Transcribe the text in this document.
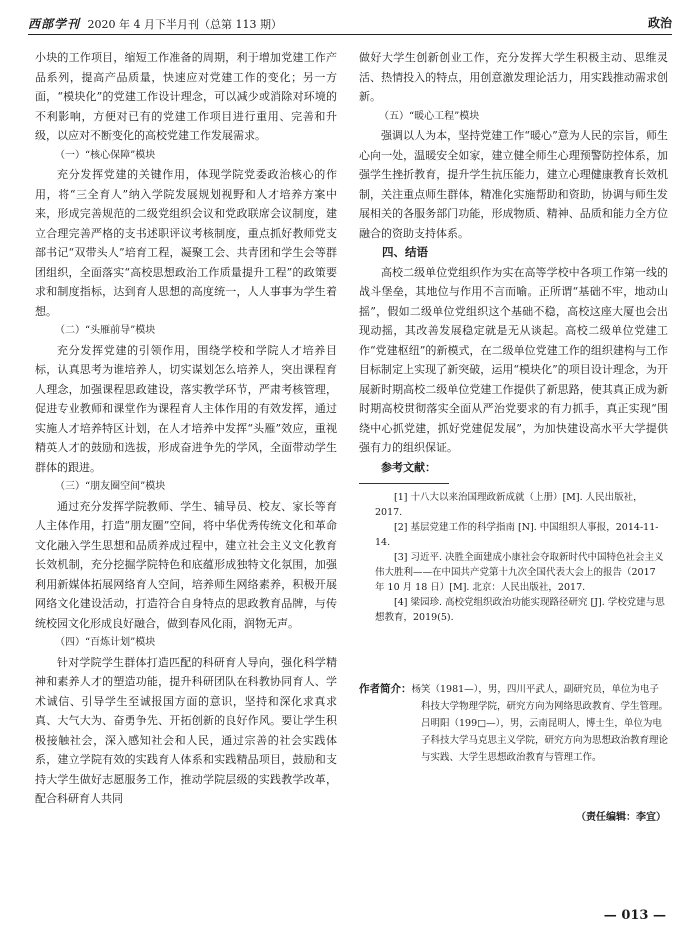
西部学刊 2020 年 4 月下半月刊（总第 113 期）	政治

小块的工作项目，缩短工作准备的周期，利于增加党建工作产品系列，提高产品质量，快速应对党建工作的变化；另一方面，“模块化”的党建工作设计理念，可以减少或消除对环境的不利影响，方便对已有的党建工作项目进行重用、完善和升级，以应对不断变化的高校党建工作发展需求。

（一）“核心保障”模块

充分发挥党建的关键作用，体现学院党委政治核心的作用，将“三全育人”纳入学院发展规划视野和人才培养方案中来，形成完善规范的二级党组织会议和党政联席会议制度，建立合理完善严格的支书述职评议考核制度，重点抓好教师党支部书记“双带头人”培育工程，凝聚工会、共青团和学生会等群团组织，全面落实“高校思想政治工作质量提升工程”的政策要求和制度指标，达到育人思想的高度统一，人人事事为学生着想。

（二）“头雁前导”模块

充分发挥党建的引领作用，围绕学校和学院人才培养目标，认真思考为谁培养人，切实谋划怎么培养人，突出课程育人理念，加强课程思政建设，落实教学环节，严肃考核管理，促进专业教师和课堂作为课程育人主体作用的有效发挥，通过实施人才培养特区计划，在人才培养中发挥“头雁”效应，重视精英人才的鼓励和选拔，形成奋进争先的学风，全面带动学生群体的跟进。

（三）“朋友圈空间”模块

通过充分发挥学院教师、学生、辅导员、校友、家长等育人主体作用，打造“朋友圈”空间，将中华优秀传统文化和革命文化融入学生思想和品质养成过程中，建立社会主义文化教育长效机制，充分挖掘学院特色和底蕴形成独特文化氛围，加强利用新媒体拓展网络育人空间，培养师生网络素养，积极开展网络文化建设活动，打造符合自身特点的思政教育品牌，与传统校园文化形成良好融合，做到春风化雨，润物无声。

（四）“百炼计划”模块

针对学院学生群体打造匹配的科研育人导向，强化科学精神和素养人才的塑造功能，提升科研团队在科教协同育人、学术诚信、引导学生至诚报国方面的意识，坚持和深化求真求真、大气大为、奋勇争先、开拓创新的良好作风。要让学生积极接触社会，深入感知社会和人民，通过宗善的社会实践体系，建立学院有效的实践育人体系和实践精品项目，鼓励和支持大学生做好志愿服务工作，推动学院层级的实践教学改革，配合科研育人共同

做好大学生创新创业工作，充分发挥大学生积极主动、思维灵活、热情投入的特点，用创意激发理论活力，用实践推动需求创新。

（五）“暖心工程”模块

强调以人为本，坚持党建工作“暖心”意为人民的宗旨，师生心向一处，温暖安全如家，建立健全师生心理预警防控体系，加强学生挫折教育，提升学生抗压能力，建立心理健康教育长效机制，关注重点师生群体，精准化实施帮助和资助，协调与师生发展相关的各服务部门功能，形成物质、精神、品质和能力全方位融合的资助支持体系。

四、结语

高校二级单位党组织作为实在高等学校中各项工作第一线的战斗堡垒，其地位与作用不言而喻。正所谓“基础不牢，地动山摇”，假如二级单位党组织这个基础不稳，高校这座大厦也会出现动摇，其改善发展稳定就是无从谈起。高校二级单位党建工作“党建枢纽”的新模式，在二级单位党建工作的组织建构与工作目标制定上实现了新突破，运用“模块化”的项目设计理念，为开展新时期高校二级单位党建工作提供了新思路，使其真正成为新时期高校贯彻落实全面从严治党要求的有力抓手，真正实现“围绕中心抓党建，抓好党建促发展”，为加快建设高水平大学提供强有力的组织保证。

参考文献：

[1] 十八大以来治国理政新成就（上册）[M]. 人民出版社，2017.

[2] 基层党建工作的科学指南 [N]. 中国组织人事报，2014-11-14.

[3] 习近平. 决胜全面建成小康社会夺取新时代中国特色社会主义伟大胜利——在中国共产党第十九次全国代表大会上的报告（2017 年 10 月 18 日）[M]. 北京：人民出版社，2017.

[4] 梁园珍. 高校党组织政治功能实现路径研究 [J]. 学校党建与思想教育，2019(5).

作者简介：杨笑（1981—），男，四川平武人，副研究员，单位为电子科技大学物理学院，研究方向为网络思政教育、学生管理。

吕明阳（199□—），男，云南昆明人，博士生，单位为电子科技大学马克思主义学院，研究方向为思想政治教育理论与实践、大学生思想政治教育与管理工作。

（责任编辑：李宜）
— 013 —
